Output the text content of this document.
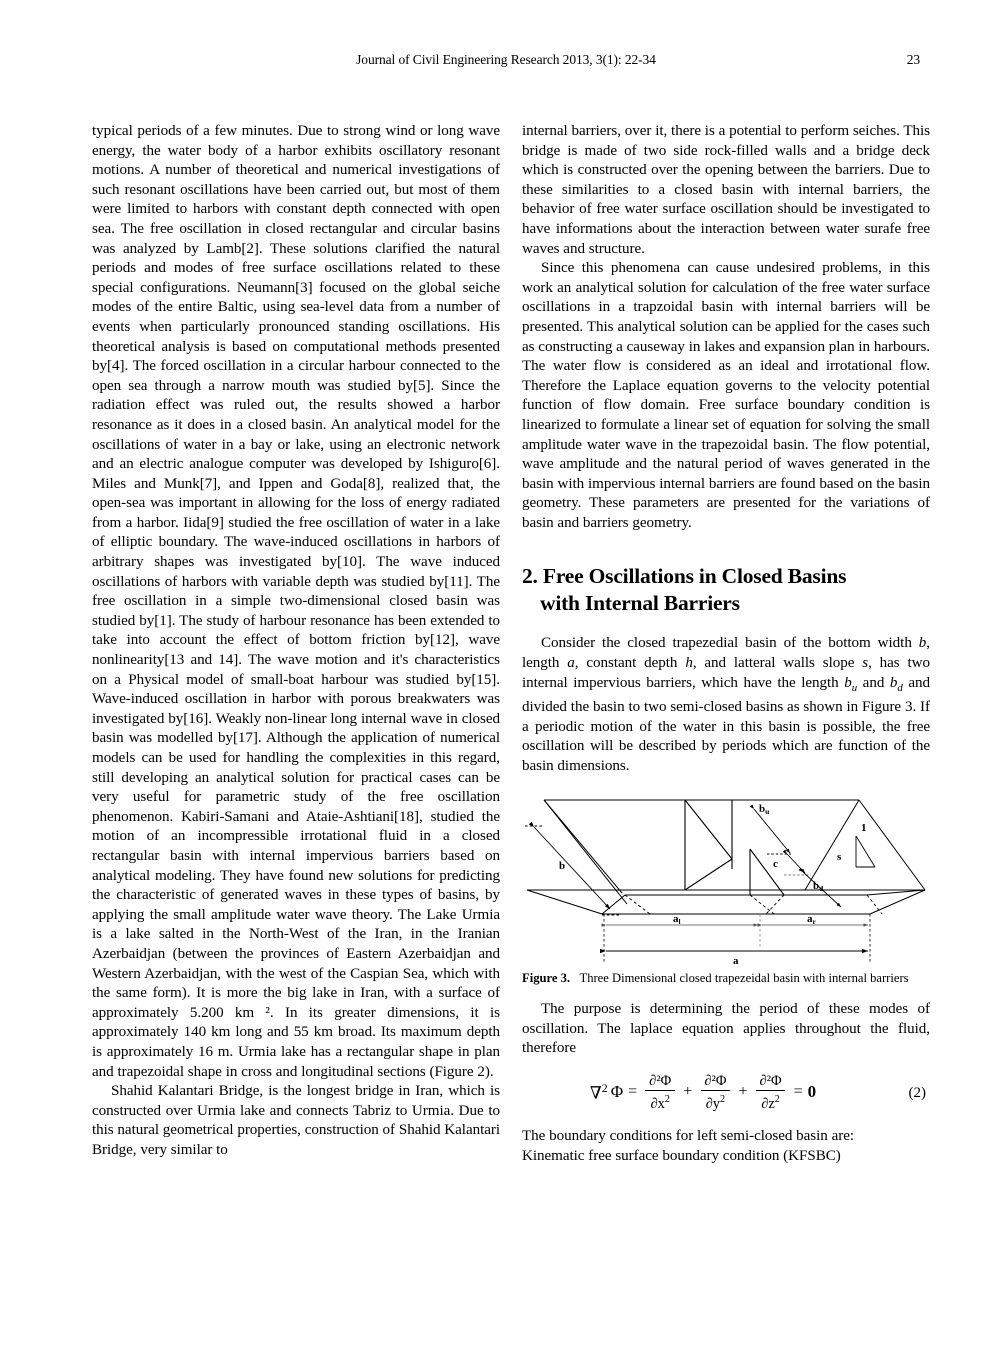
Journal of Civil Engineering Research 2013, 3(1): 22-34	23

typical periods of a few minutes. Due to strong wind or long wave energy, the water body of a harbor exhibits oscillatory resonant motions. A number of theoretical and numerical investigations of such resonant oscillations have been carried out, but most of them were limited to harbors with constant depth connected with open sea. The free oscillation in closed rectangular and circular basins was analyzed by Lamb[2]. These solutions clarified the natural periods and modes of free surface oscillations related to these special configurations. Neumann[3] focused on the global seiche modes of the entire Baltic, using sea-level data from a number of events when particularly pronounced standing oscillations. His theoretical analysis is based on computational methods presented by[4]. The forced oscillation in a circular harbour connected to the open sea through a narrow mouth was studied by[5]. Since the radiation effect was ruled out, the results showed a harbor resonance as it does in a closed basin. An analytical model for the oscillations of water in a bay or lake, using an electronic network and an electric analogue computer was developed by Ishiguro[6]. Miles and Munk[7], and Ippen and Goda[8], realized that, the open-sea was important in allowing for the loss of energy radiated from a harbor. Iida[9] studied the free oscillation of water in a lake of elliptic boundary. The wave-induced oscillations in harbors of arbitrary shapes was investigated by[10]. The wave induced oscillations of harbors with variable depth was studied by[11]. The free oscillation in a simple two-dimensional closed basin was studied by[1]. The study of harbour resonance has been extended to take into account the effect of bottom friction by[12], wave nonlinearity[13 and 14]. The wave motion and it's characteristics on a Physical model of small-boat harbour was studied by[15]. Wave-induced oscillation in harbor with porous breakwaters was investigated by[16]. Weakly non-linear long internal wave in closed basin was modelled by[17]. Although the application of numerical models can be used for handling the complexities in this regard, still developing an analytical solution for practical cases can be very useful for parametric study of the free oscillation phenomenon. Kabiri-Samani and Ataie-Ashtiani[18], studied the motion of an incompressible irrotational fluid in a closed rectangular basin with internal impervious barriers based on analytical modeling. They have found new solutions for predicting the characteristic of generated waves in these types of basins, by applying the small amplitude water wave theory. The Lake Urmia is a lake salted in the North-West of the Iran, in the Iranian Azerbaidjan (between the provinces of Eastern Azerbaidjan and Western Azerbaidjan, with the west of the Caspian Sea, which with the same form). It is more the big lake in Iran, with a surface of approximately 5.200 km ². In its greater dimensions, it is approximately 140 km long and 55 km broad. Its maximum depth is approximately 16 m. Urmia lake has a rectangular shape in plan and trapezoidal shape in cross and longitudinal sections (Figure 2).

Shahid Kalantari Bridge, is the longest bridge in Iran, which is constructed over Urmia lake and connects Tabriz to Urmia. Due to this natural geometrical properties, construction of Shahid Kalantari Bridge, very similar to

internal barriers, over it, there is a potential to perform seiches. This bridge is made of two side rock-filled walls and a bridge deck which is constructed over the opening between the barriers. Due to these similarities to a closed basin with internal barriers, the behavior of free water surface oscillation should be investigated to have informations about the interaction between water surafe free waves and structure.

Since this phenomena can cause undesired problems, in this work an analytical solution for calculation of the free water surface oscillations in a trapzoidal basin with internal barriers will be presented. This analytical solution can be applied for the cases such as constructing a causeway in lakes and expansion plan in harbours. The water flow is considered as an ideal and irrotational flow. Therefore the Laplace equation governs to the velocity potential function of flow domain. Free surface boundary condition is linearized to formulate a linear set of equation for solving the small amplitude water wave in the trapezoidal basin. The flow potential, wave amplitude and the natural period of waves generated in the basin with impervious internal barriers are found based on the basin geometry. These parameters are presented for the variations of basin and barriers geometry.

2. Free Oscillations in Closed Basins
with Internal Barriers

Consider the closed trapezedial basin of the bottom width b, length a, constant depth h, and latteral walls slope s, has two internal impervious barriers, which have the length $b_u$ and $b_d$ and divided the basin to two semi-closed basins as shown in Figure 3. If a periodic motion of the water in this basin is possible, the free oscillation will be described by periods which are function of the basin dimensions.

b
$b_u$
c
$b_d$
1
s
$a_l$	$a_r$
a
Figure 3. Three Dimensional closed trapezeidal basin with internal barriers

The purpose is determining the period of these modes of oscillation. The laplace equation applies throughout the fluid, therefore

∇$^2$ $\Phi = \frac{\text{∂²Φ}}{\partial x^2} + \frac{\text{∂²Φ}}{\partial y^2} + \frac{\text{∂²Φ}}{\partial z^2} = 0$	(2)

The boundary conditions for left semi-closed basin are:

Kinematic free surface boundary condition (KFSBC)
